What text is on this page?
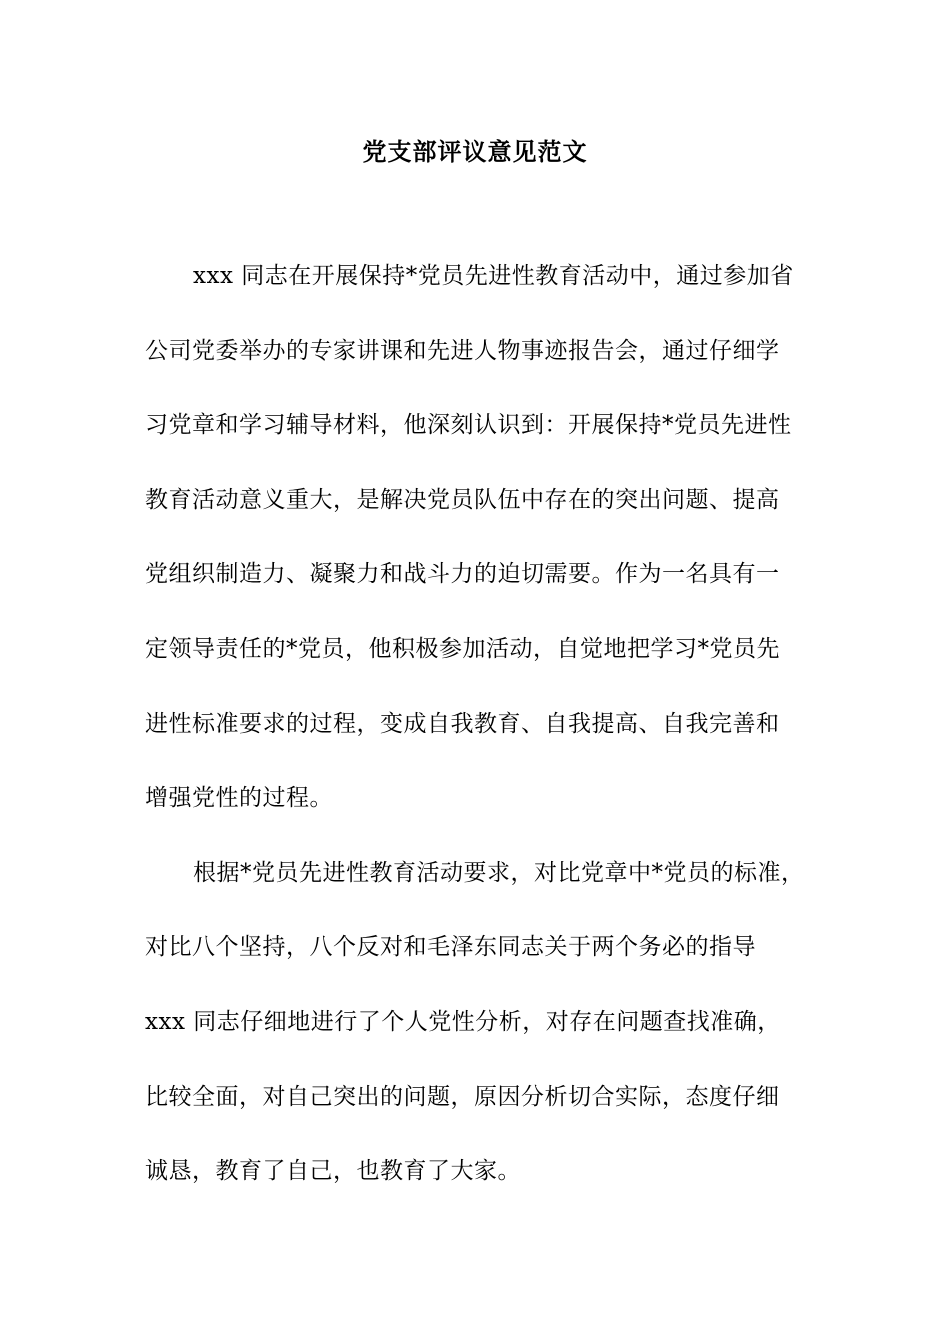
党支部评议意见范文
xxx 同志在开展保持*党员先进性教育活动中，通过参加省
公司党委举办的专家讲课和先进人物事迹报告会，通过仔细学
习党章和学习辅导材料，他深刻认识到：开展保持*党员先进性
教育活动意义重大，是解决党员队伍中存在的突出问题、提高
党组织制造力、凝聚力和战斗力的迫切需要。作为一名具有一
定领导责任的*党员，他积极参加活动，自觉地把学习*党员先
进性标准要求的过程，变成自我教育、自我提高、自我完善和
增强党性的过程。
根据*党员先进性教育活动要求，对比党章中*党员的标准，
对比八个坚持，八个反对和毛泽东同志关于两个务必的指导
xxx 同志仔细地进行了个人党性分析，对存在问题查找准确，
比较全面，对自己突出的问题，原因分析切合实际，态度仔细
诚恳，教育了自己，也教育了大家。
